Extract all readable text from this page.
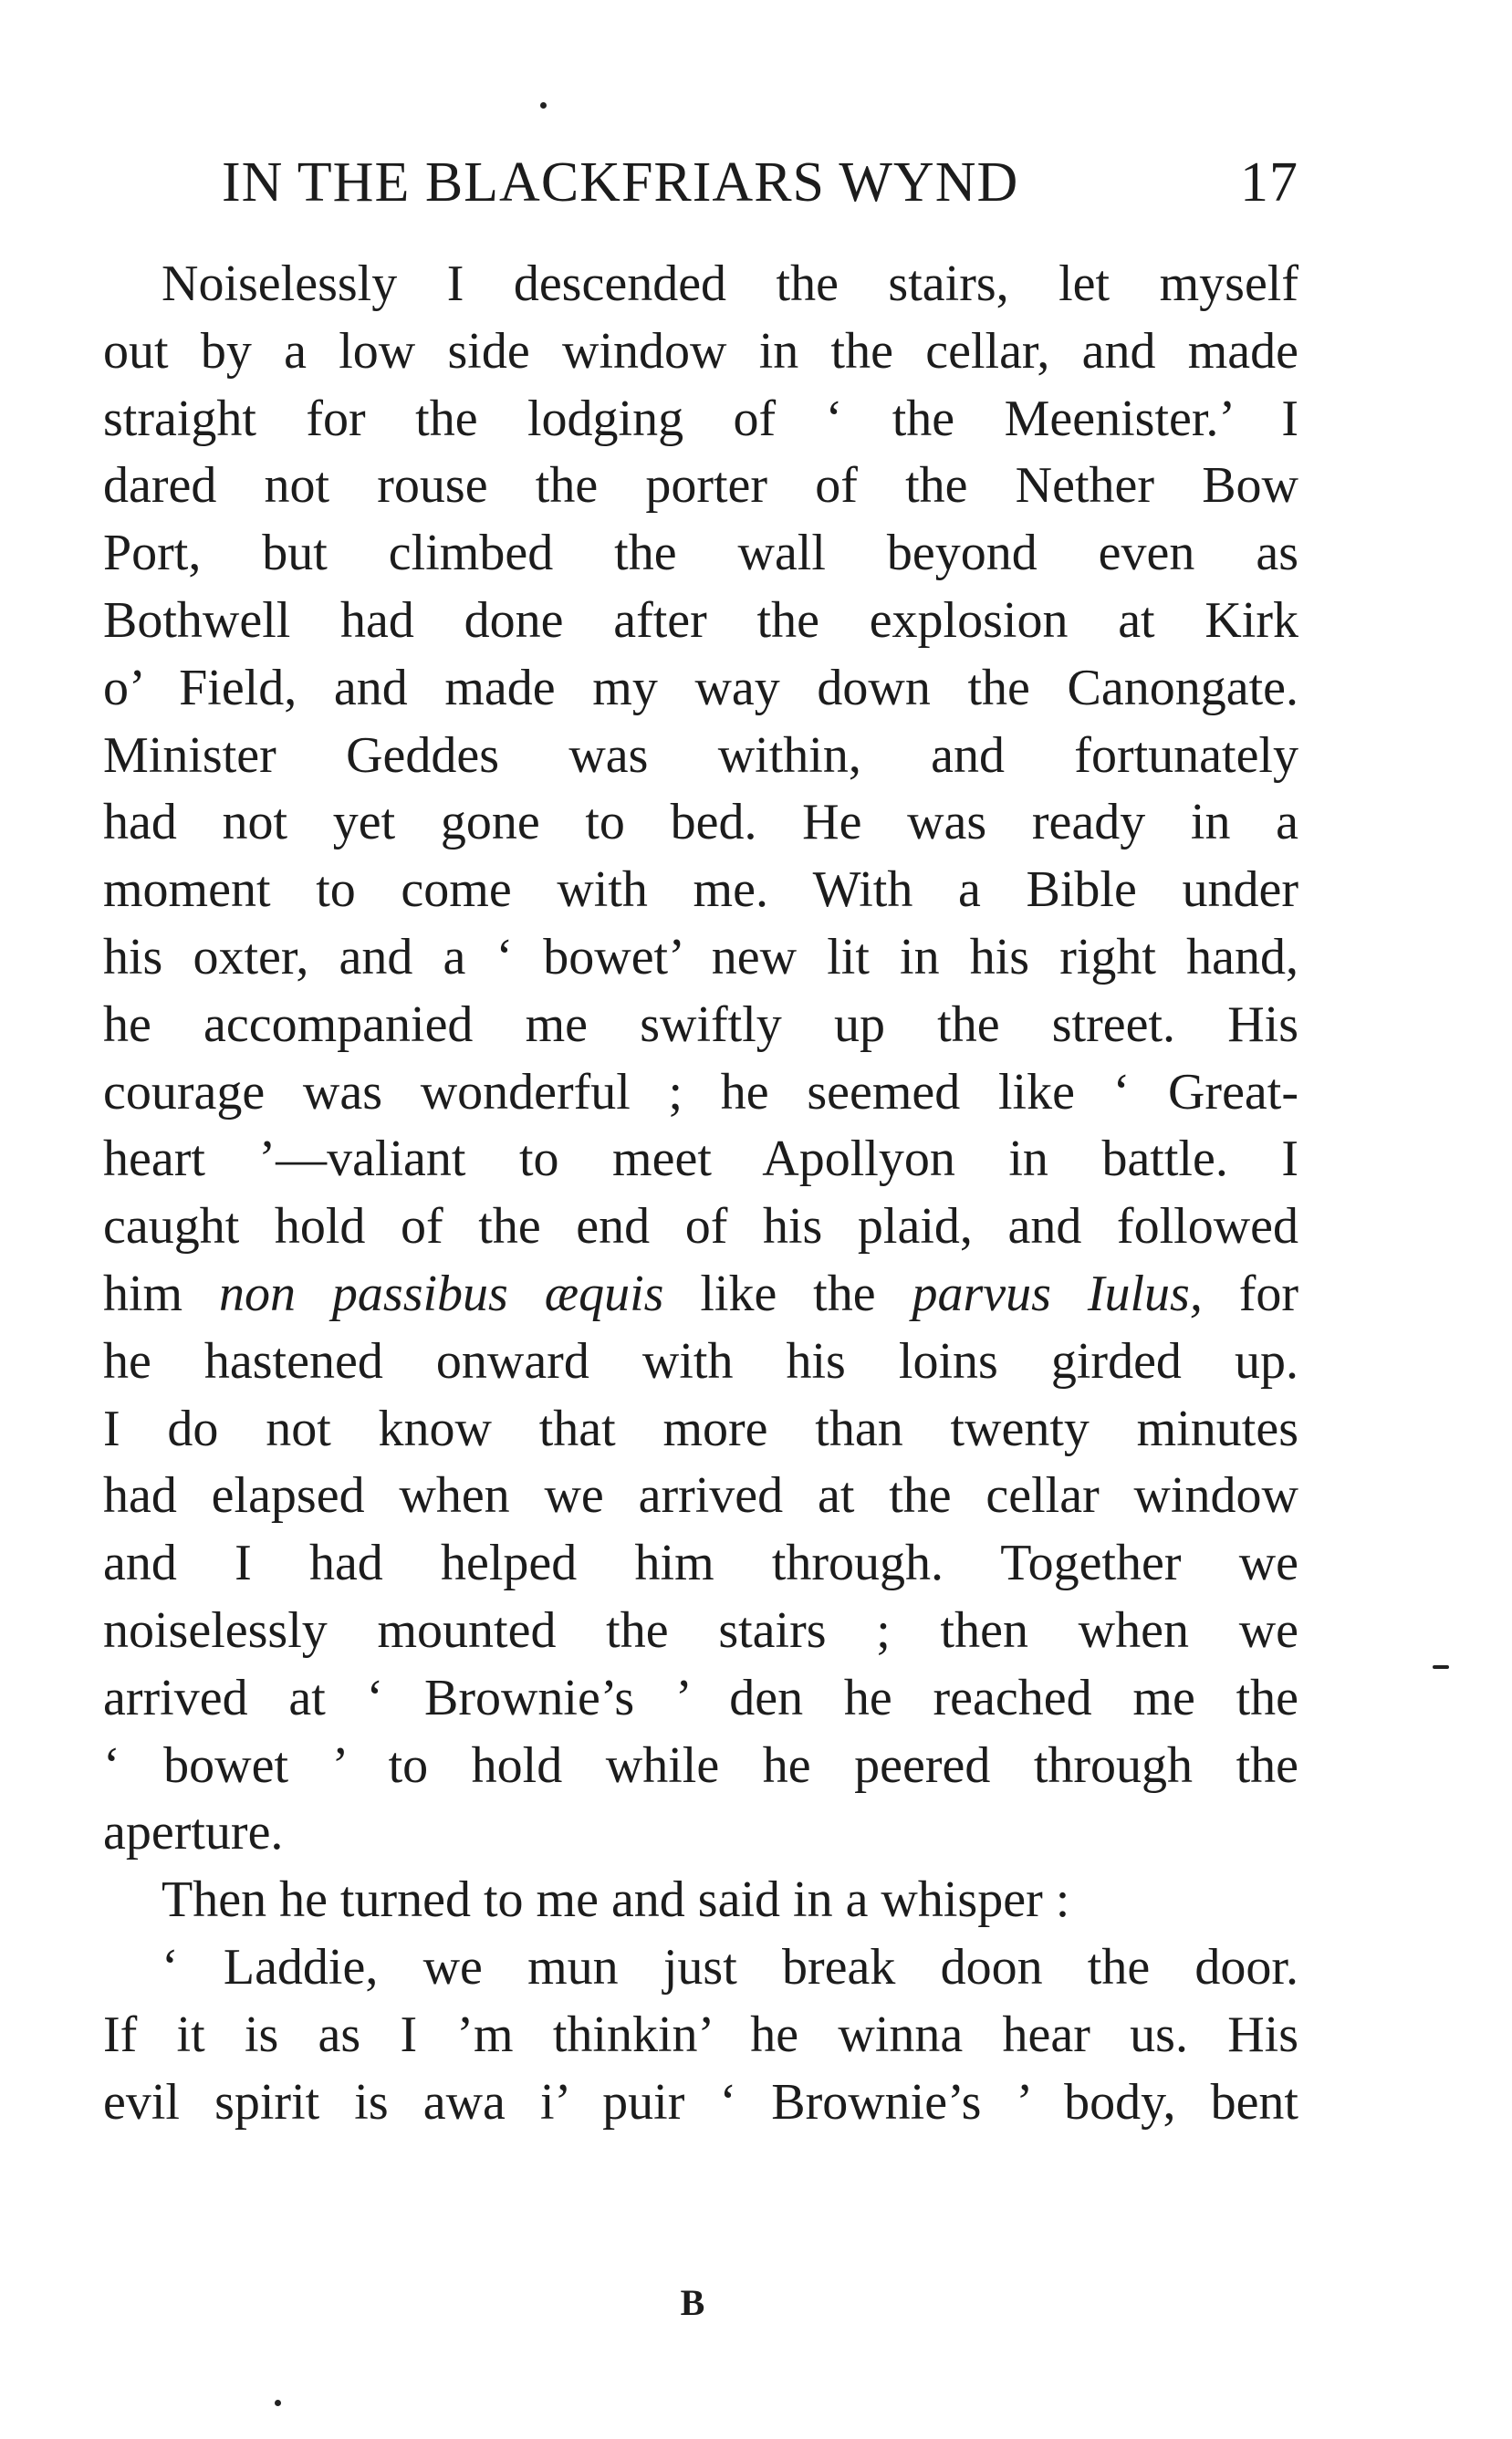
IN THE BLACKFRIARS WYND	17
Noiselessly I descended the stairs, let myself
out by a low side window in the cellar, and made
straight for the lodging of ‘ the Meenister.’ I
dared not rouse the porter of the Nether Bow
Port, but climbed the wall beyond even as
Bothwell had done after the explosion at Kirk
o’ Field, and made my way down the Canongate.
Minister Geddes was within, and fortunately
had not yet gone to bed. He was ready in a
moment to come with me. With a Bible under
his oxter, and a ‘ bowet’ new lit in his right hand,
he accompanied me swiftly up the street. His
courage was wonderful ; he seemed like ‘ Great-
heart ’—valiant to meet Apollyon in battle. I
caught hold of the end of his plaid, and followed
him non passibus æquis like the parvus Iulus, for
he hastened onward with his loins girded up.
I do not know that more than twenty minutes
had elapsed when we arrived at the cellar window
and I had helped him through. Together we
noiselessly mounted the stairs ; then when we
arrived at ‘ Brownie’s ’ den he reached me the
‘ bowet ’ to hold while he peered through the
aperture.
Then he turned to me and said in a whisper :
‘ Laddie, we mun just break doon the door.
If it is as I ’m thinkin’ he winna hear us. His
evil spirit is awa i’ puir ‘ Brownie’s ’ body, bent
B
